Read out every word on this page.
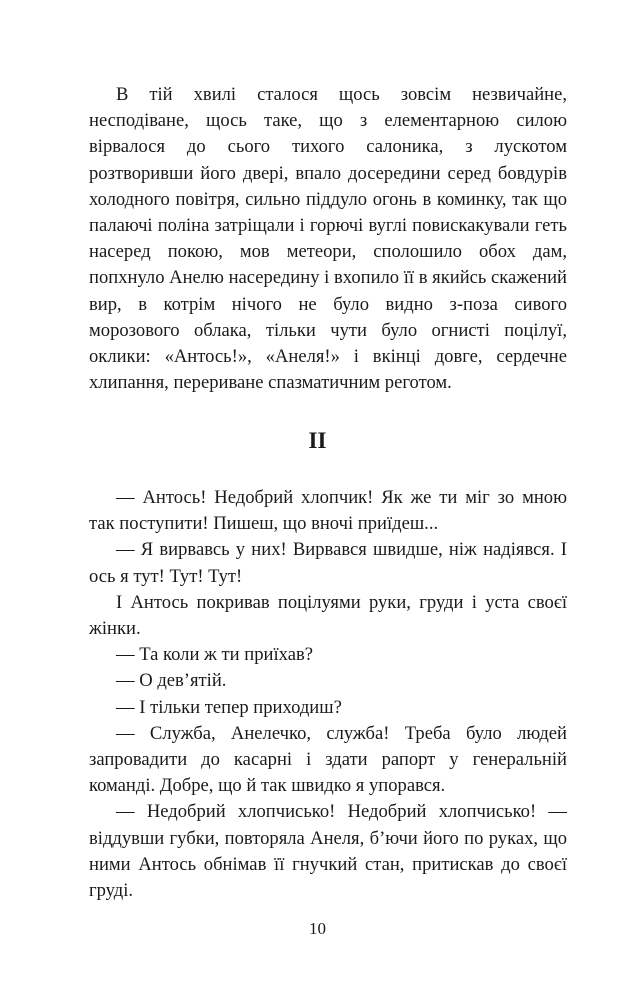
В тій хвилі сталося щось зовсім незвичайне, несподіване, щось таке, що з елементарною силою вірвалося до сього тихого салоника, з лускотом розтворивши його двері, впало досередини серед бовдурів холодного повітря, сильно піддуло огонь в коминку, так що палаючі поліна затріщали і горючі вуглі повискакували геть насеред покою, мов метеори, сполошило обох дам, попхнуло Анелю насередину і вхопило її в якийсь скажений вир, в котрім нічого не було видно з-поза сивого морозового облака, тільки чути було огнисті поцілуї, оклики: «Антось!», «Анеля!» і вкінці довге, сердечне хлипання, перериване спазматичним реготом.

II

— Антось! Недобрий хлопчик! Як же ти міг зо мною так поступити! Пишеш, що вночі приїдеш...

— Я вирвавсь у них! Вирвався швидше, ніж надіявся. І ось я тут! Тут! Тут!

І Антось покривав поцілуями руки, груди і уста своєї жінки.

— Та коли ж ти приїхав?

— О дев’ятій.

— І тільки тепер приходиш?

— Служба, Анелечко, служба! Треба було людей запровадити до касарні і здати рапорт у генеральній команді. Добре, що й так швидко я упорався.

— Недобрий хлопчисько! Недобрий хлопчисько! — віддувши губки, повторяла Анеля, б’ючи його по руках, що ними Антось обнімав її гнучкий стан, притискав до своєї груді.

10
